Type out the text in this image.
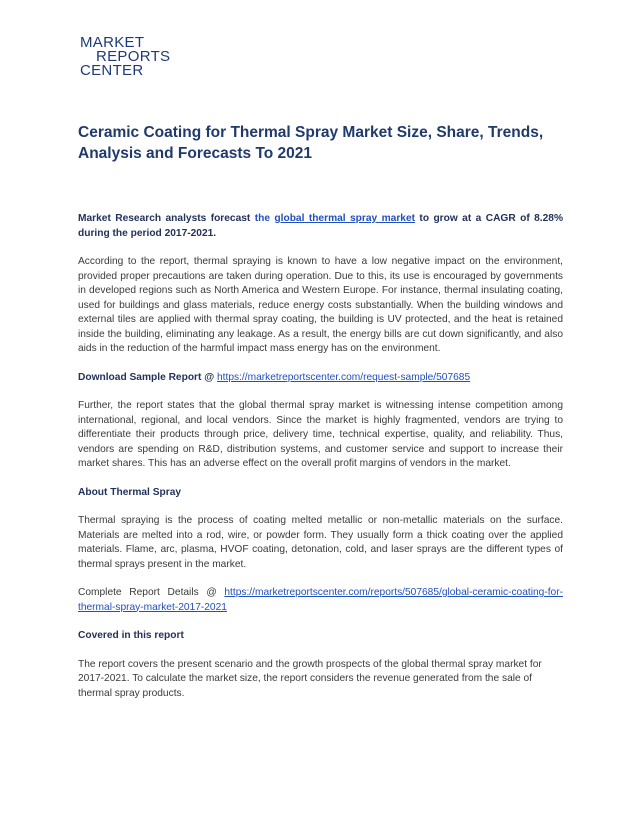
MARKET
REPORTS
CENTER
Ceramic Coating for Thermal Spray Market Size, Share, Trends, Analysis and Forecasts To 2021

Market Research analysts forecast the global thermal spray market to grow at a CAGR of 8.28% during the period 2017-2021.

According to the report, thermal spraying is known to have a low negative impact on the environment, provided proper precautions are taken during operation. Due to this, its use is encouraged by governments in developed regions such as North America and Western Europe. For instance, thermal insulating coating, used for buildings and glass materials, reduce energy costs substantially. When the building windows and external tiles are applied with thermal spray coating, the building is UV protected, and the heat is retained inside the building, eliminating any leakage. As a result, the energy bills are cut down significantly, and also aids in the reduction of the harmful impact mass energy has on the environment.

Download Sample Report @ https://marketreportscenter.com/request-sample/507685

Further, the report states that the global thermal spray market is witnessing intense competition among international, regional, and local vendors. Since the market is highly fragmented, vendors are trying to differentiate their products through price, delivery time, technical expertise, quality, and reliability. Thus, vendors are spending on R&D, distribution systems, and customer service and support to increase their market shares. This has an adverse effect on the overall profit margins of vendors in the market.

About Thermal Spray

Thermal spraying is the process of coating melted metallic or non-metallic materials on the surface. Materials are melted into a rod, wire, or powder form. They usually form a thick coating over the applied materials. Flame, arc, plasma, HVOF coating, detonation, cold, and laser sprays are the different types of thermal sprays present in the market.

Complete Report Details @ https://marketreportscenter.com/reports/507685/global-ceramic-coating-for-thermal-spray-market-2017-2021

Covered in this report

The report covers the present scenario and the growth prospects of the global thermal spray market for 2017-2021. To calculate the market size, the report considers the revenue generated from the sale of thermal spray products.
